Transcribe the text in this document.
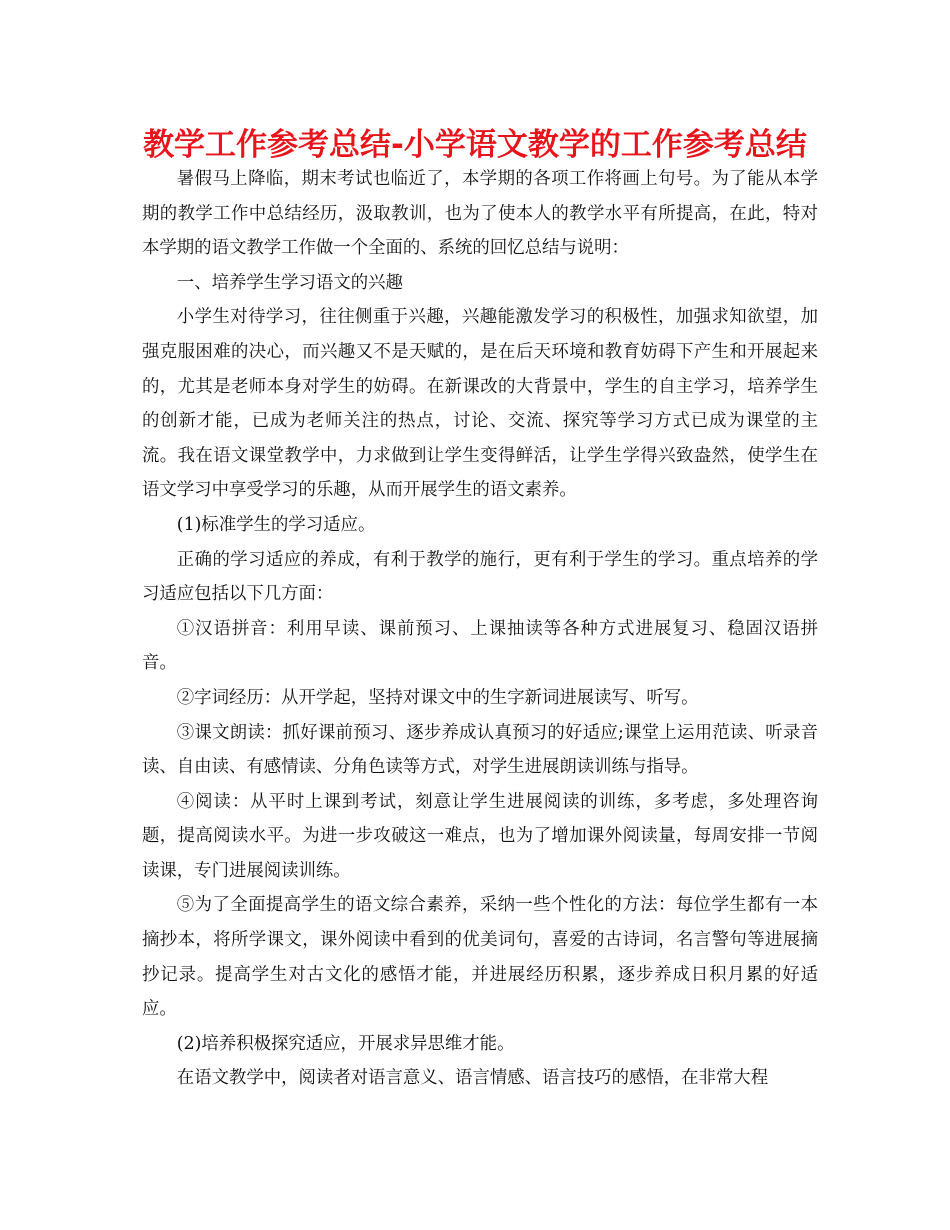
教学工作参考总结-小学语文教学的工作参考总结

暑假马上降临，期末考试也临近了，本学期的各项工作将画上句号。为了能从本学期的教学工作中总结经历，汲取教训，也为了使本人的教学水平有所提高，在此，特对本学期的语文教学工作做一个全面的、系统的回忆总结与说明：

一、培养学生学习语文的兴趣

小学生对待学习，往往侧重于兴趣，兴趣能激发学习的积极性，加强求知欲望，加强克服困难的决心，而兴趣又不是天赋的，是在后天环境和教育妨碍下产生和开展起来的，尤其是老师本身对学生的妨碍。在新课改的大背景中，学生的自主学习，培养学生的创新才能，已成为老师关注的热点，讨论、交流、探究等学习方式已成为课堂的主流。我在语文课堂教学中，力求做到让学生变得鲜活，让学生学得兴致盎然，使学生在语文学习中享受学习的乐趣，从而开展学生的语文素养。

(1)标准学生的学习适应。

正确的学习适应的养成，有利于教学的施行，更有利于学生的学习。重点培养的学习适应包括以下几方面：

①汉语拼音：利用早读、课前预习、上课抽读等各种方式进展复习、稳固汉语拼音。

②字词经历：从开学起，坚持对课文中的生字新词进展读写、听写。

③课文朗读：抓好课前预习、逐步养成认真预习的好适应;课堂上运用范读、听录音读、自由读、有感情读、分角色读等方式，对学生进展朗读训练与指导。

④阅读：从平时上课到考试，刻意让学生进展阅读的训练，多考虑，多处理咨询题，提高阅读水平。为进一步攻破这一难点，也为了增加课外阅读量，每周安排一节阅读课，专门进展阅读训练。

⑤为了全面提高学生的语文综合素养，采纳一些个性化的方法：每位学生都有一本摘抄本，将所学课文，课外阅读中看到的优美词句，喜爱的古诗词，名言警句等进展摘抄记录。提高学生对古文化的感悟才能，并进展经历积累，逐步养成日积月累的好适应。

(2)培养积极探究适应，开展求异思维才能。

在语文教学中，阅读者对语言意义、语言情感、语言技巧的感悟，在非常大程
